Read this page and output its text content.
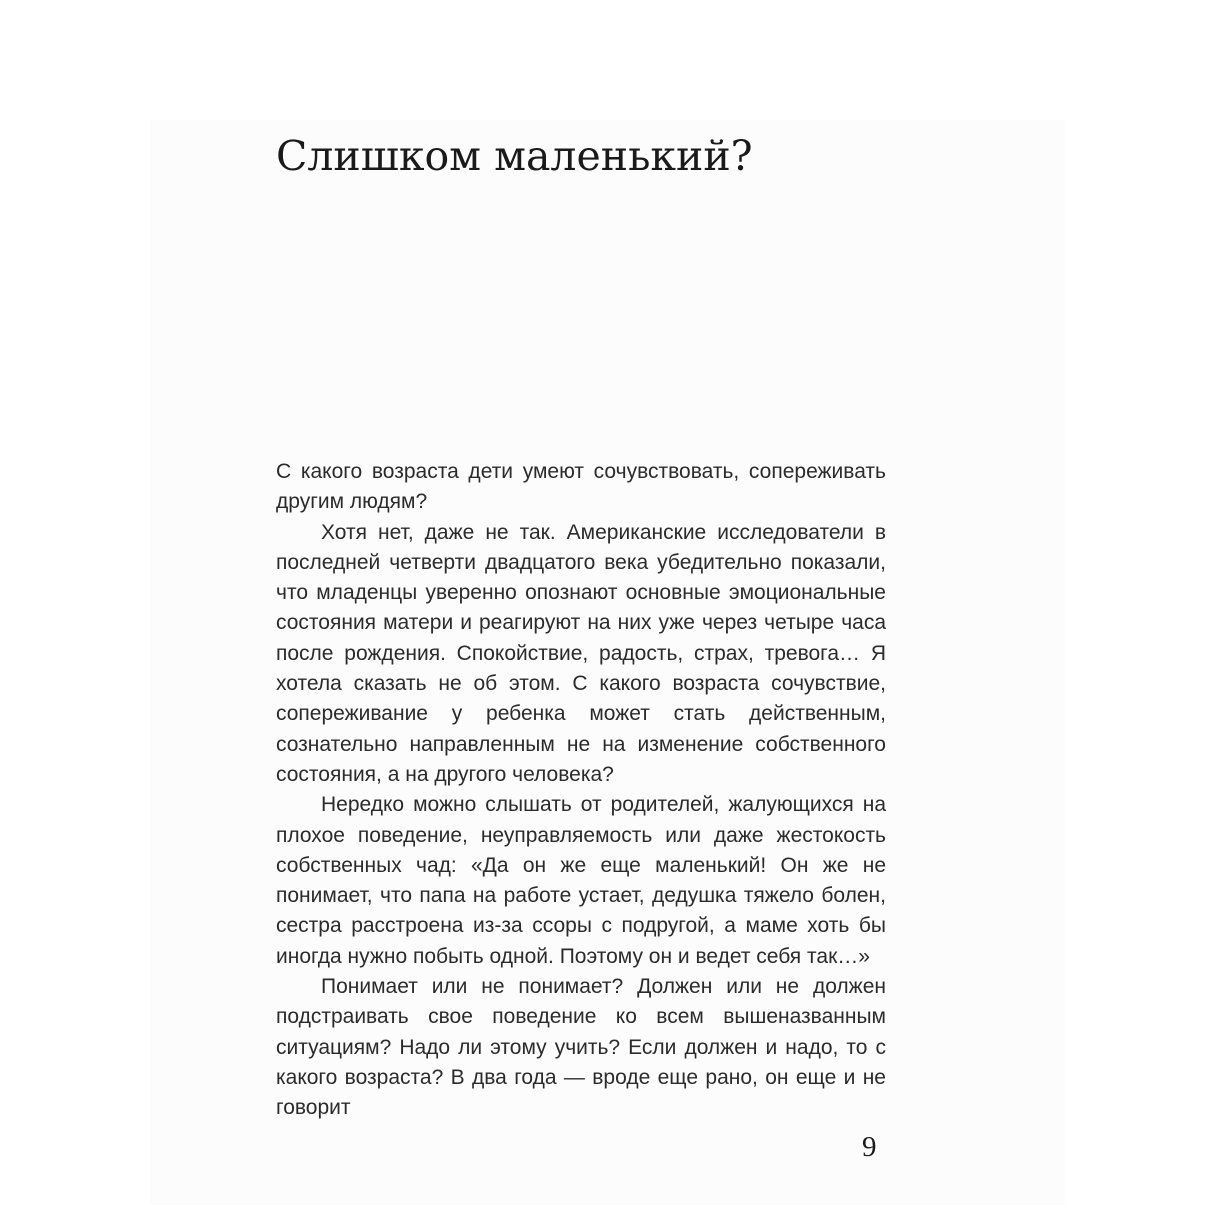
Слишком маленький?

С какого возраста дети умеют сочувствовать, сопереживать другим людям?

Хотя нет, даже не так. Американские исследователи в последней четверти двадцатого века убедительно показали, что младенцы уверенно опознают основные эмоциональные состояния матери и реагируют на них уже через четыре часа после рождения. Спокойствие, радость, страх, тревога… Я хотела сказать не об этом. С какого возраста сочувствие, сопереживание у ребенка может стать действенным, сознательно направленным не на изменение собственного состояния, а на другого человека?

Нередко можно слышать от родителей, жалующихся на плохое поведение, неуправляемость или даже жестокость собственных чад: «Да он же еще маленький! Он же не понимает, что папа на работе устает, дедушка тяжело болен, сестра расстроена из-за ссоры с подругой, а маме хоть бы иногда нужно побыть одной. Поэтому он и ведет себя так…»

Понимает или не понимает? Должен или не должен подстраивать свое поведение ко всем вышеназванным ситуациям? Надо ли этому учить? Если должен и надо, то с какого возраста? В два года — вроде еще рано, он еще и не говорит

9
